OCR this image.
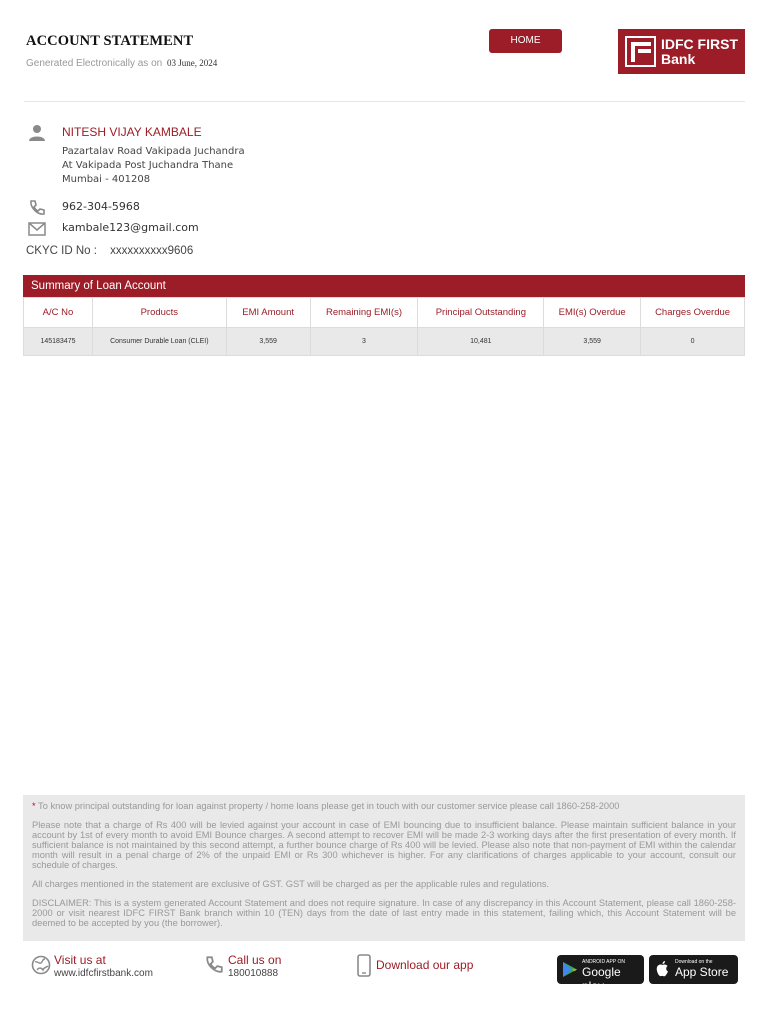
ACCOUNT STATEMENT
Generated Electronically as on 03 June, 2024
HOME	IDFC FIRST
Bank
NITESH VIJAY KAMBALE
Pazartalav Road Vakipada Juchandra
At Vakipada Post Juchandra Thane
Mumbai - 401208
962-304-5968
kambale123@gmail.com
CKYC ID No : xxxxxxxxxx9606
Summary of Loan Account
A/C No	Products	EMI Amount	Remaining EMI(s)	Principal Outstanding	EMI(s) Overdue	Charges Overdue
145183475	Consumer Durable Loan (CLEI)	3,559	3	10,481	3,559	0

* To know principal outstanding for loan against property / home loans please get in touch with our customer service please call 1860-258-2000

Please note that a charge of Rs 400 will be levied against your account in case of EMI bouncing due to insufficient balance. Please maintain sufficient balance in your account by 1st of every month to avoid EMI Bounce charges. A second attempt to recover EMI will be made 2-3 working days after the first presentation of every month. If sufficient balance is not maintained by this second attempt, a further bounce charge of Rs 400 will be levied. Please also note that non-payment of EMI within the calendar month will result in a penal charge of 2% of the unpaid EMI or Rs 300 whichever is higher. For any clarifications of charges applicable to your account, consult our schedule of charges.

All charges mentioned in the statement are exclusive of GST. GST will be charged as per the applicable rules and regulations.

DISCLAIMER: This is a system generated Account Statement and does not require signature. In case of any discrepancy in this Account Statement, please call 1860-258-2000 or visit nearest IDFC FIRST Bank branch within 10 (TEN) days from the date of last entry made in this statement, failing which, this Account Statement will be deemed to be accepted by you (the borrower).

Visit us at
www.idfcfirstbank.com
Call us on
180010888
Download our app	ANDROID APP ON
Google play
Download on the
App Store
